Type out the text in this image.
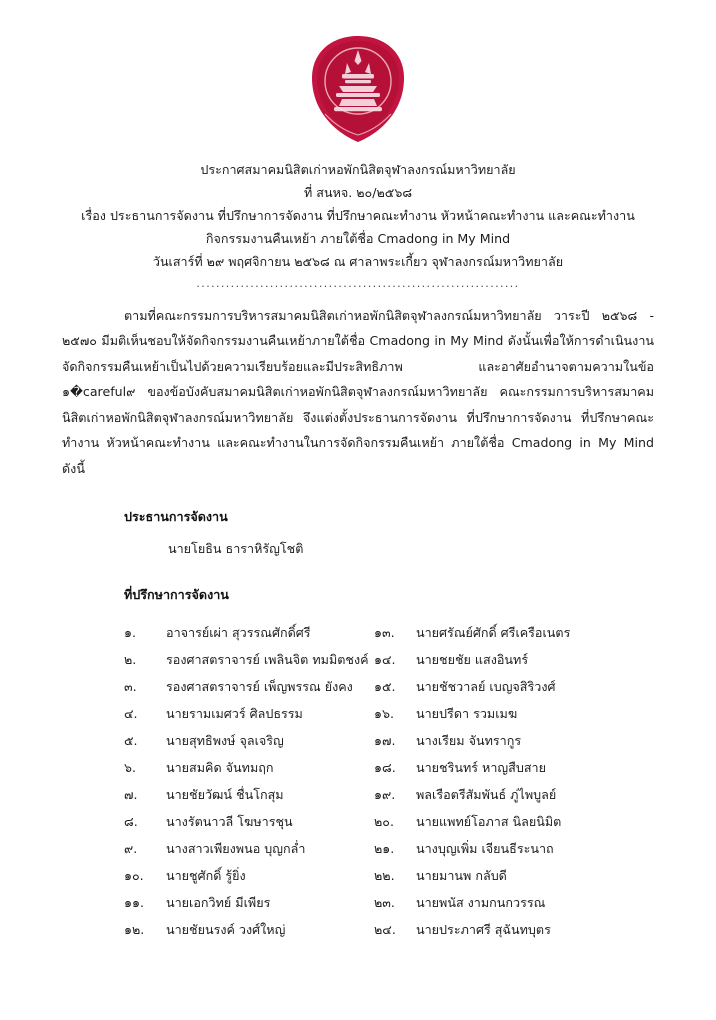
ประกาศสมาคมนิสิตเก่าหอพักนิสิตจุฬาลงกรณ์มหาวิทยาลัย
ที่ สนหจ. ๒๐/๒๕๖๘
เรื่อง ประธานการจัดงาน ที่ปรึกษาการจัดงาน ที่ปรึกษาคณะทำงาน หัวหน้าคณะทำงาน และคณะทำงาน
กิจกรรมงานคืนเหย้า ภายใต้ชื่อ Cmadong in My Mind
วันเสาร์ที่ ๒๙ พฤศจิกายน ๒๕๖๘ ณ ศาลาพระเกี้ยว จุฬาลงกรณ์มหาวิทยาลัย
..................................................................

ตามที่คณะกรรมการบริหารสมาคมนิสิตเก่าหอพักนิสิตจุฬาลงกรณ์มหาวิทยาลัย วาระปี ๒๕๖๘ - ๒๕๗๐ มีมติเห็นชอบให้จัดกิจกรรมงานคืนเหย้าภายใต้ชื่อ Cmadong in My Mind ดังนั้นเพื่อให้การดำเนินงานจัดกิจกรรมคืนเหย้าเป็นไปด้วยความเรียบร้อยและมีประสิทธิภาพ และอาศัยอำนาจตามความในข้อ ๑�careful๙ ของข้อบังคับสมาคมนิสิตเก่าหอพักนิสิตจุฬาลงกรณ์มหาวิทยาลัย คณะกรรมการบริหารสมาคมนิสิตเก่าหอพักนิสิตจุฬาลงกรณ์มหาวิทยาลัย จึงแต่งตั้งประธานการจัดงาน ที่ปรึกษาการจัดงาน ที่ปรึกษาคณะทำงาน หัวหน้าคณะทำงาน และคณะทำงานในการจัดกิจกรรมคืนเหย้า ภายใต้ชื่อ Cmadong in My Mind ดังนี้

ประธานการจัดงาน
นายโยธิน ธาราหิรัญโชติ
ที่ปรึกษาการจัดงาน
๑.	อาจารย์เผ่า สุวรรณศักดิ์ศรี	๑๓.	นายศรัณย์ศักดิ์ ศรีเครือเนตร
๒.	รองศาสตราจารย์ เพลินจิต ทมมิตชงค์ ๑๔.	นายชยชัย แสงอินทร์
๓.	รองศาสตราจารย์ เพ็ญพรรณ ยังคง	๑๕.	นายชัชวาลย์ เบญจสิริวงศ์
๔.	นายรามเมศวร์ ศิลปธรรม	๑๖.	นายปรีดา รวมเมฆ
๕.	นายสุทธิพงษ์ จุลเจริญ	๑๗.	นางเรียม จันทรากูร
๖.	นายสมคิด จันทมฤก	๑๘.	นายชรินทร์ หาญสืบสาย
๗.	นายชัยวัฒน์ ชื่นโกสุม	๑๙.	พลเรือตรีสัมพันธ์ ภู่ไพบูลย์
๘.	นางรัตนาวลี โฆษารชุน	๒๐.	นายแพทย์โอภาส นิลยนิมิต
๙.	นางสาวเพียงพนอ บุญกล่ำ	๒๑.	นางบุญเพิ่ม เจียนธีระนาถ
๑๐.	นายชูศักดิ์ รู้ยิ่ง	๒๒.	นายมานพ กลับดี
๑๑.	นายเอกวิทย์ มีเพียร	๒๓.	นายพนัส งามกนกวรรณ
๑๒.	นายชัยนรงค์ วงศ์ใหญ่	๒๔.	นายประภาศรี สุฉันทบุตร
